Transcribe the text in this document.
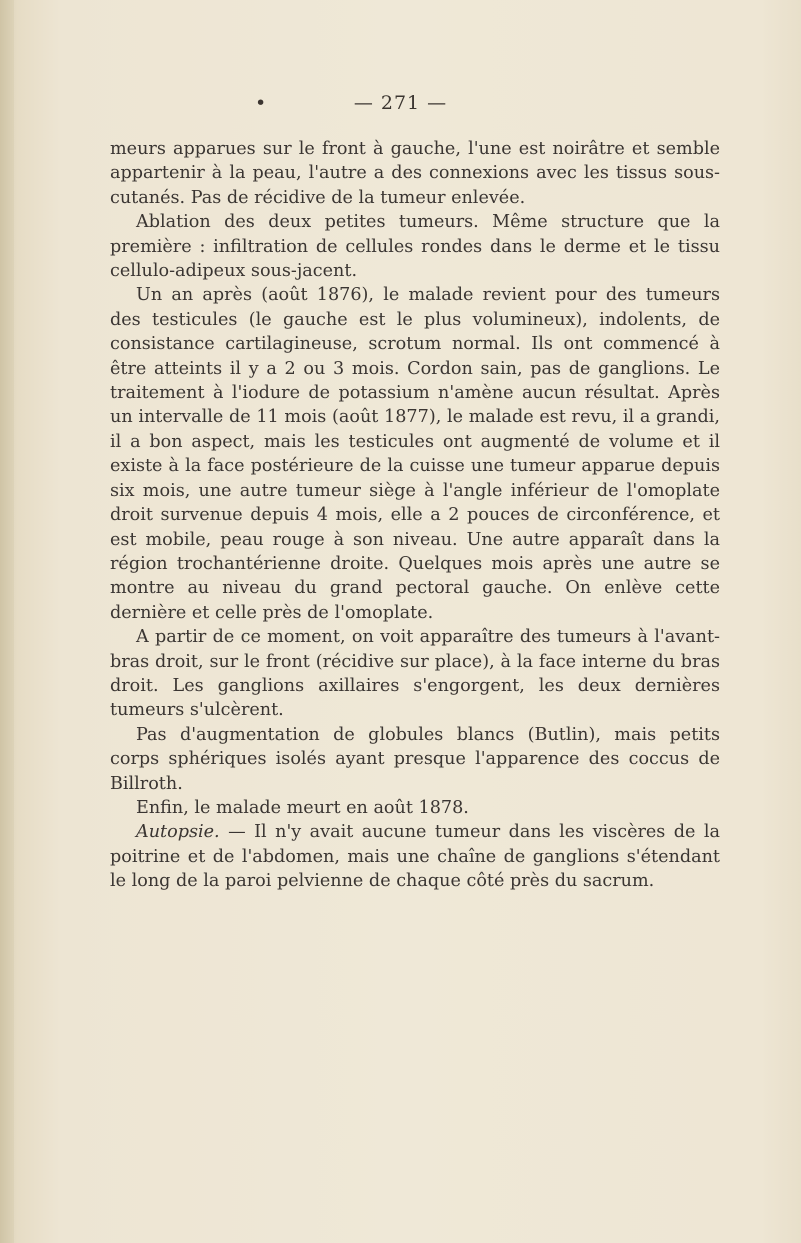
•	— 271 —

meurs apparues sur le front à gauche, l'une est noirâtre et semble appartenir à la peau, l'autre a des connexions avec les tissus sous-cutanés. Pas de récidive de la tumeur enlevée.

Ablation des deux petites tumeurs. Même structure que la première : infiltration de cellules rondes dans le derme et le tissu cellulo-adipeux sous-jacent.

Un an après (août 1876), le malade revient pour des tumeurs des testicules (le gauche est le plus volumineux), indolents, de consistance cartilagineuse, scrotum normal. Ils ont commencé à être atteints il y a 2 ou 3 mois. Cordon sain, pas de ganglions. Le traitement à l'iodure de potassium n'amène aucun résultat. Après un intervalle de 11 mois (août 1877), le malade est revu, il a grandi, il a bon aspect, mais les testicules ont augmenté de volume et il existe à la face postérieure de la cuisse une tumeur apparue depuis six mois, une autre tumeur siège à l'angle inférieur de l'omoplate droit survenue depuis 4 mois, elle a 2 pouces de circonférence, et est mobile, peau rouge à son niveau. Une autre apparaît dans la région trochantérienne droite. Quelques mois après une autre se montre au niveau du grand pectoral gauche. On enlève cette dernière et celle près de l'omoplate.

A partir de ce moment, on voit apparaître des tumeurs à l'avant-bras droit, sur le front (récidive sur place), à la face interne du bras droit. Les ganglions axillaires s'engorgent, les deux dernières tumeurs s'ulcèrent.

Pas d'augmentation de globules blancs (Butlin), mais petits corps sphériques isolés ayant presque l'apparence des coccus de Billroth.

Enfin, le malade meurt en août 1878.

Autopsie. — Il n'y avait aucune tumeur dans les viscères de la poitrine et de l'abdomen, mais une chaîne de ganglions s'étendant le long de la paroi pelvienne de chaque côté près du sacrum.
